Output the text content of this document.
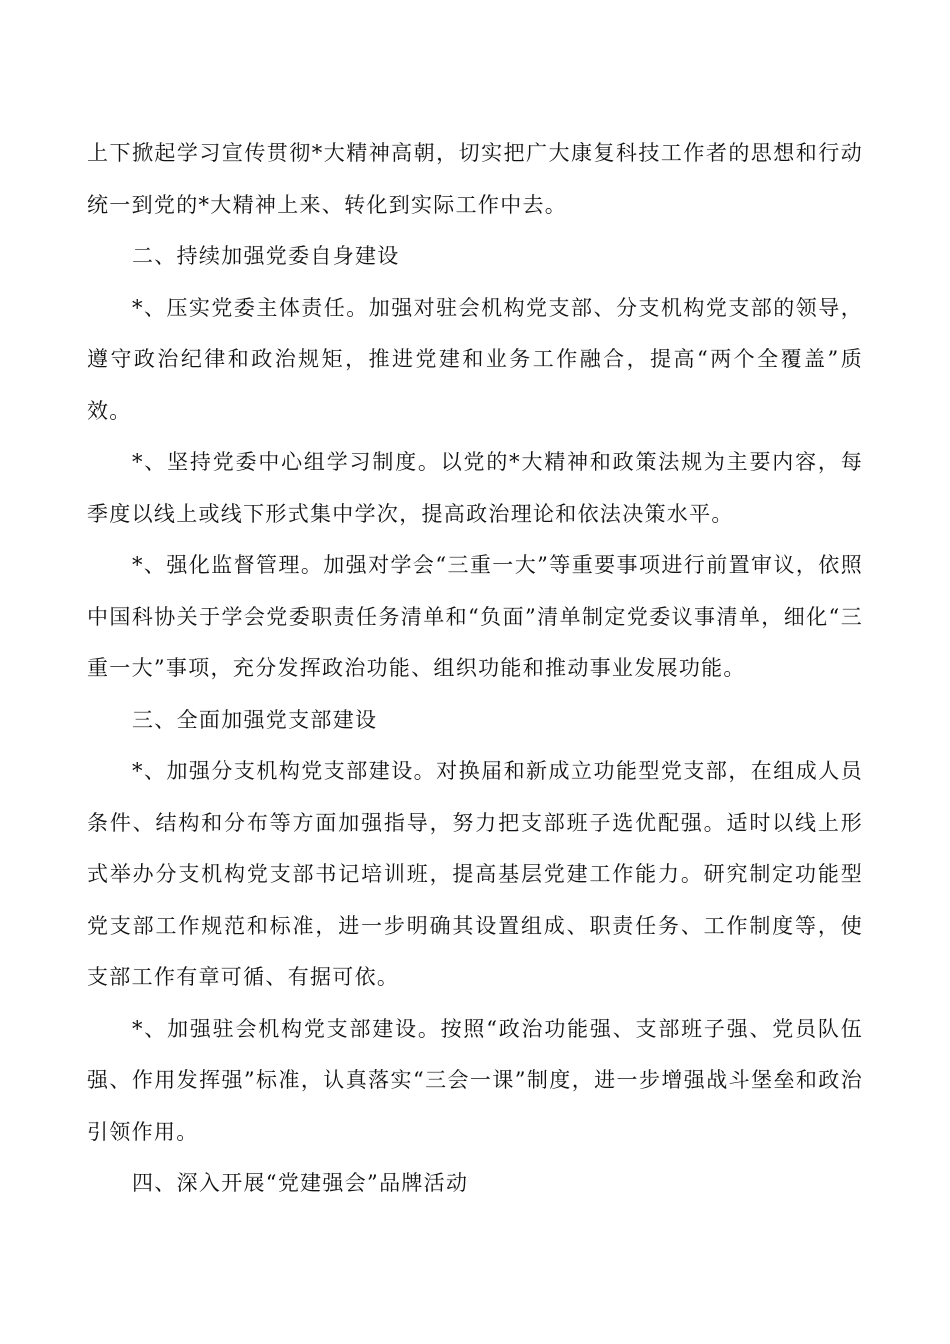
上下掀起学习宣传贯彻*大精神高朝，切实把广大康复科技工作者的思想和行动统一到党的*大精神上来、转化到实际工作中去。

二、持续加强党委自身建设

*、压实党委主体责任。加强对驻会机构党支部、分支机构党支部的领导，遵守政治纪律和政治规矩，推进党建和业务工作融合，提高“两个全覆盖”质效。

*、坚持党委中心组学习制度。以党的*大精神和政策法规为主要内容，每季度以线上或线下形式集中学次，提高政治理论和依法决策水平。

*、强化监督管理。加强对学会“三重一大”等重要事项进行前置审议，依照中国科协关于学会党委职责任务清单和“负面”清单制定党委议事清单，细化“三重一大”事项，充分发挥政治功能、组织功能和推动事业发展功能。

三、全面加强党支部建设

*、加强分支机构党支部建设。对换届和新成立功能型党支部，在组成人员条件、结构和分布等方面加强指导，努力把支部班子选优配强。适时以线上形式举办分支机构党支部书记培训班，提高基层党建工作能力。研究制定功能型党支部工作规范和标准，进一步明确其设置组成、职责任务、工作制度等，使支部工作有章可循、有据可依。

*、加强驻会机构党支部建设。按照“政治功能强、支部班子强、党员队伍强、作用发挥强”标准，认真落实“三会一课”制度，进一步增强战斗堡垒和政治引领作用。

四、深入开展“党建强会”品牌活动
